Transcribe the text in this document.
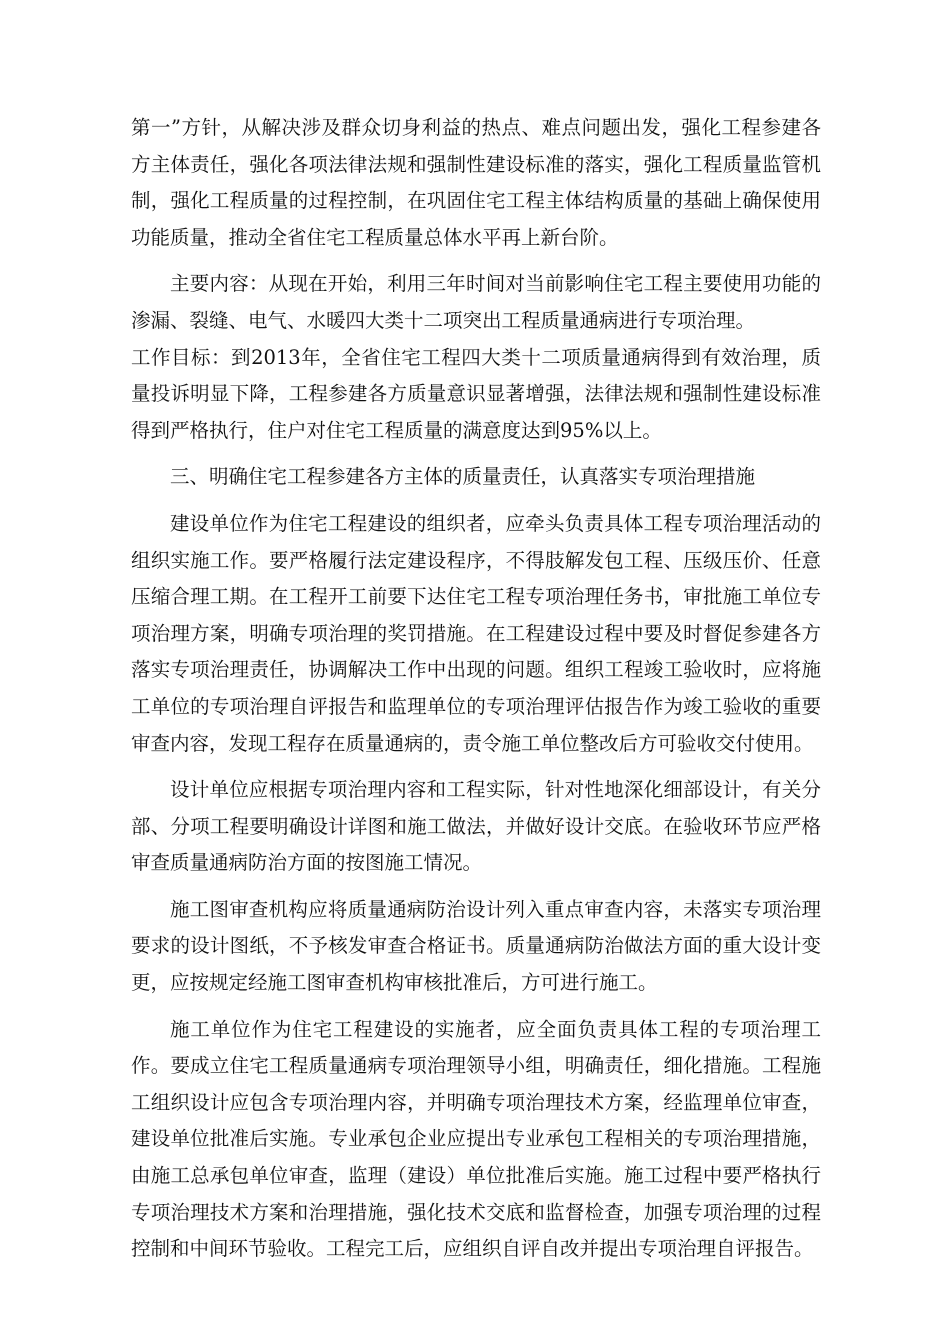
第一”方针，从解决涉及群众切身利益的热点、难点问题出发，强化工程参建各方主体责任，强化各项法律法规和强制性建设标准的落实，强化工程质量监管机制，强化工程质量的过程控制，在巩固住宅工程主体结构质量的基础上确保使用功能质量，推动全省住宅工程质量总体水平再上新台阶。

主要内容：从现在开始，利用三年时间对当前影响住宅工程主要使用功能的渗漏、裂缝、电气、水暖四大类十二项突出工程质量通病进行专项治理。

工作目标：到2013年，全省住宅工程四大类十二项质量通病得到有效治理，质量投诉明显下降，工程参建各方质量意识显著增强，法律法规和强制性建设标准得到严格执行，住户对住宅工程质量的满意度达到95%以上。

三、明确住宅工程参建各方主体的质量责任，认真落实专项治理措施

建设单位作为住宅工程建设的组织者，应牵头负责具体工程专项治理活动的组织实施工作。要严格履行法定建设程序，不得肢解发包工程、压级压价、任意压缩合理工期。在工程开工前要下达住宅工程专项治理任务书，审批施工单位专项治理方案，明确专项治理的奖罚措施。在工程建设过程中要及时督促参建各方落实专项治理责任，协调解决工作中出现的问题。组织工程竣工验收时，应将施工单位的专项治理自评报告和监理单位的专项治理评估报告作为竣工验收的重要审查内容，发现工程存在质量通病的，责令施工单位整改后方可验收交付使用。

设计单位应根据专项治理内容和工程实际，针对性地深化细部设计，有关分部、分项工程要明确设计详图和施工做法，并做好设计交底。在验收环节应严格审查质量通病防治方面的按图施工情况。

施工图审查机构应将质量通病防治设计列入重点审查内容，未落实专项治理要求的设计图纸，不予核发审查合格证书。质量通病防治做法方面的重大设计变更，应按规定经施工图审查机构审核批准后，方可进行施工。

施工单位作为住宅工程建设的实施者，应全面负责具体工程的专项治理工作。要成立住宅工程质量通病专项治理领导小组，明确责任，细化措施。工程施工组织设计应包含专项治理内容，并明确专项治理技术方案，经监理单位审查，建设单位批准后实施。专业承包企业应提出专业承包工程相关的专项治理措施，由施工总承包单位审查，监理（建设）单位批准后实施。施工过程中要严格执行专项治理技术方案和治理措施，强化技术交底和监督检查，加强专项治理的过程控制和中间环节验收。工程完工后，应组织自评自改并提出专项治理自评报告。
